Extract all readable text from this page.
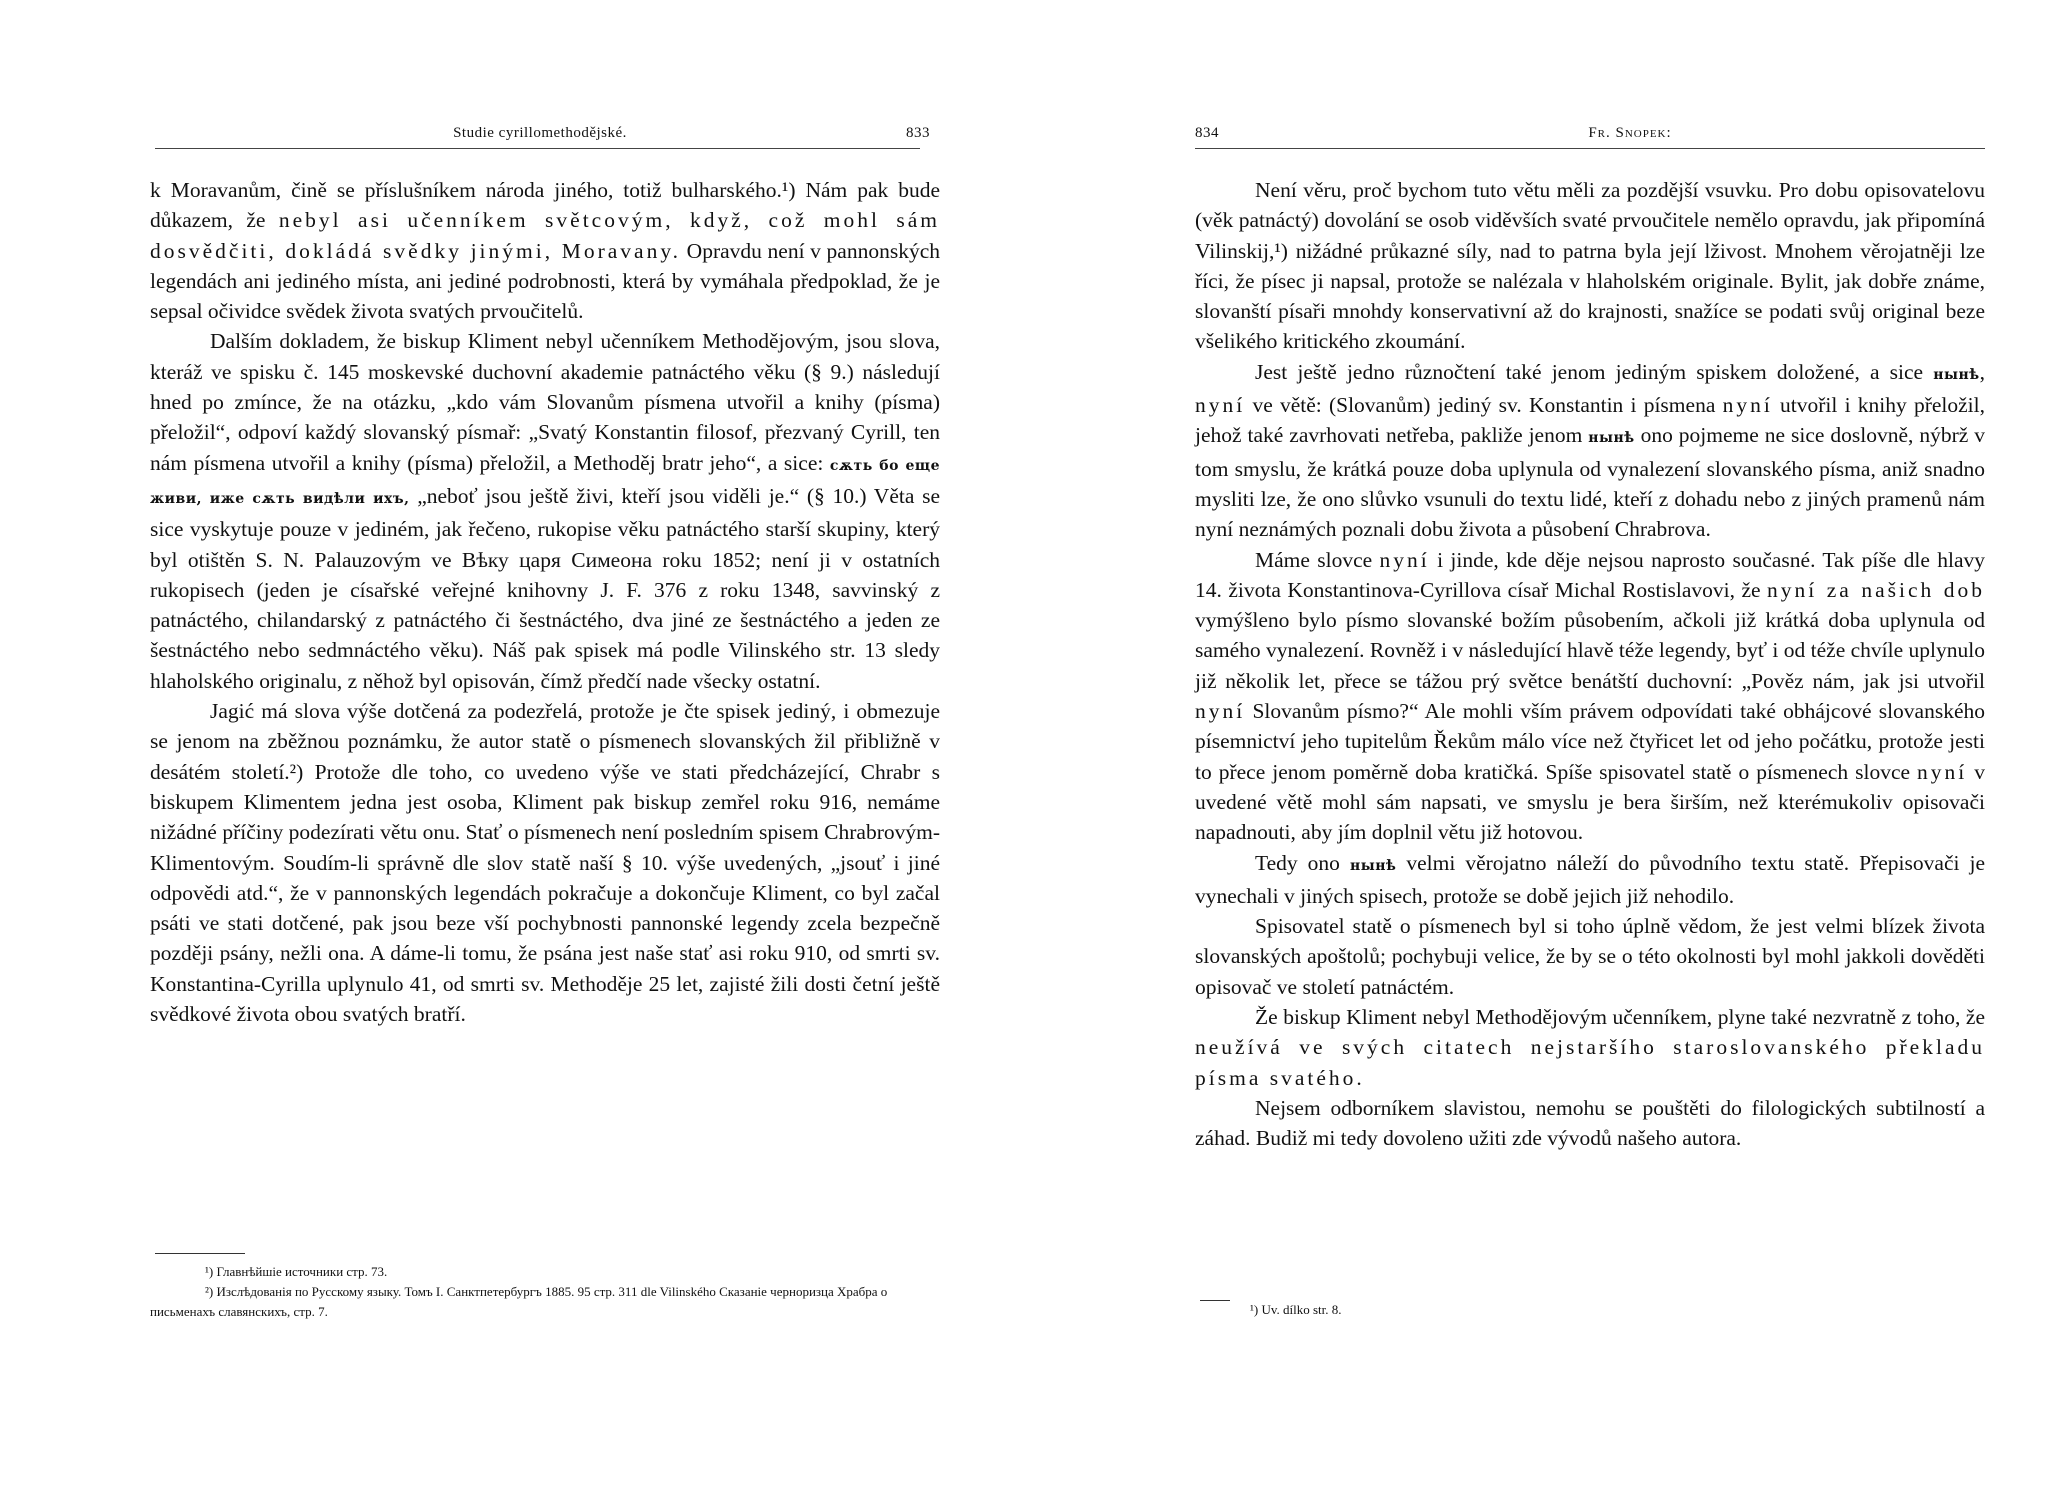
Studie cyrillomethodějské.	833

k Moravanům, čině se příslušníkem národa jiného, totiž bulharského.¹) Nám pak bude důkazem, že nebyl asi učenníkem světcovým, když, což mohl sám dosvědčiti, dokládá svědky jinými, Moravany. Opravdu není v pannonských legendách ani jediného místa, ani jediné podrobnosti, která by vymáhala předpoklad, že je sepsal očividce svědek života svatých prvoučitelů.

Dalším dokladem, že biskup Kliment nebyl učenníkem Methodějovým, jsou slova, kteráž ve spisku č. 145 moskevské duchovní akademie patnáctého věku (§ 9.) následují hned po zmínce, že na otázku, „kdo vám Slovanům písmena utvořil a knihy (písma) přeložil“, odpoví každý slovanský písmař: „Svatý Konstantin filosof, přezvaný Cyrill, ten nám písmena utvořil a knihy (písma) přeložil, a Methoděj bratr jeho“, a sice: сѫть бо еще живи, иже сѫть видѣли ихъ, „neboť jsou ještě živi, kteří jsou viděli je.“ (§ 10.) Věta se sice vyskytuje pouze v jediném, jak řečeno, rukopise věku patnáctého starší skupiny, který byl otištěn S. N. Palauzovým ve Вѣку царя Симеона roku 1852; není ji v ostatních rukopisech (jeden je císařské veřejné knihovny J. F. 376 z roku 1348, savvinský z patnáctého, chilandarský z patnáctého či šestnáctého, dva jiné ze šestnáctého a jeden ze šestnáctého nebo sedmnáctého věku). Náš pak spisek má podle Vilinského str. 13 sledy hlaholského originalu, z něhož byl opisován, čímž předčí nade všecky ostatní.

Jagić má slova výše dotčená za podezřelá, protože je čte spisek jediný, i obmezuje se jenom na zběžnou poznámku, že autor statě o písmenech slovanských žil přibližně v desátém století.²) Protože dle toho, co uvedeno výše ve stati předcházející, Chrabr s biskupem Klimentem jedna jest osoba, Kliment pak biskup zemřel roku 916, nemáme nižádné příčiny podezírati větu onu. Stať o písmenech není posledním spisem Chrabrovým-Klimentovým. Soudím-li správně dle slov statě naší § 10. výše uvedených, „jsouť i jiné odpovědi atd.“, že v pannonských legendách pokračuje a dokončuje Kliment, co byl začal psáti ve stati dotčené, pak jsou beze vší pochybnosti pannonské legendy zcela bezpečně později psány, nežli ona. A dáme-li tomu, že psána jest naše stať asi roku 910, od smrti sv. Konstantina-Cyrilla uplynulo 41, od smrti sv. Methoděje 25 let, zajisté žili dosti četní ještě svědkové života obou svatých bratří.

¹) Главнѣйшіе источники стр. 73.

²) Изслѣдованія по Русскому языку. Томъ I. Санктпетербургъ 1885. 95 стр. 311 dle Vilinského Сказаніе черноризца Храбра о письменахъ славянскихъ, стр. 7.

834	Fr. Snopek:

Není věru, proč bychom tuto větu měli za pozdější vsuvku. Pro dobu opisovatelovu (věk patnáctý) dovolání se osob viděvších svaté prvoučitele nemělo opravdu, jak připomíná Vilinskij,¹) nižádné průkazné síly, nad to patrna byla její lživost. Mnohem věrojatněji lze říci, že písec ji napsal, protože se nalézala v hlaholském originale. Bylit, jak dobře známe, slovanští písaři mnohdy konservativní až do krajnosti, snažíce se podati svůj original beze všelikého kritického zkoumání.

Jest ještě jedno různočtení také jenom jediným spiskem doložené, a sice нынѣ, nyní ve větě: (Slovanům) jediný sv. Konstantin i písmena nyní utvořil i knihy přeložil, jehož také zavrhovati netřeba, pakliže jenom нынѣ ono pojmeme ne sice doslovně, nýbrž v tom smyslu, že krátká pouze doba uplynula od vynalezení slovanského písma, aniž snadno mysliti lze, že ono slůvko vsunuli do textu lidé, kteří z dohadu nebo z jiných pramenů nám nyní neznámých poznali dobu života a působení Chrabrova.

Máme slovce nyní i jinde, kde děje nejsou naprosto současné. Tak píše dle hlavy 14. života Konstantinova-Cyrillova císař Michal Rostislavovi, že nyní za našich dob vymýšleno bylo písmo slovanské božím působením, ačkoli již krátká doba uplynula od samého vynalezení. Rovněž i v následující hlavě téže legendy, byť i od téže chvíle uplynulo již několik let, přece se tážou prý světce benátští duchovní: „Pověz nám, jak jsi utvořil nyní Slovanům písmo?“ Ale mohli vším právem odpovídati také obhájcové slovanského písemnictví jeho tupitelům Řekům málo více než čtyřicet let od jeho počátku, protože jesti to přece jenom poměrně doba kratičká. Spíše spisovatel statě o písmenech slovce nyní v uvedené větě mohl sám napsati, ve smyslu je bera širším, než kterémukoliv opisovači napadnouti, aby jím doplnil větu již hotovou.

Tedy ono нынѣ velmi věrojatno náleží do původního textu statě. Přepisovači je vynechali v jiných spisech, protože se době jejich již nehodilo.

Spisovatel statě o písmenech byl si toho úplně vědom, že jest velmi blízek života slovanských apoštolů; pochybuji velice, že by se o této okolnosti byl mohl jakkoli dověděti opisovač ve století patnáctém.

Že biskup Kliment nebyl Methodějovým učenníkem, plyne také nezvratně z toho, že neužívá ve svých citatech nejstaršího staroslovanského překladu písma svatého.

Nejsem odborníkem slavistou, nemohu se pouštěti do filologických subtilností a záhad. Budiž mi tedy dovoleno užiti zde vývodů našeho autora.

¹) Uv. dílko str. 8.
